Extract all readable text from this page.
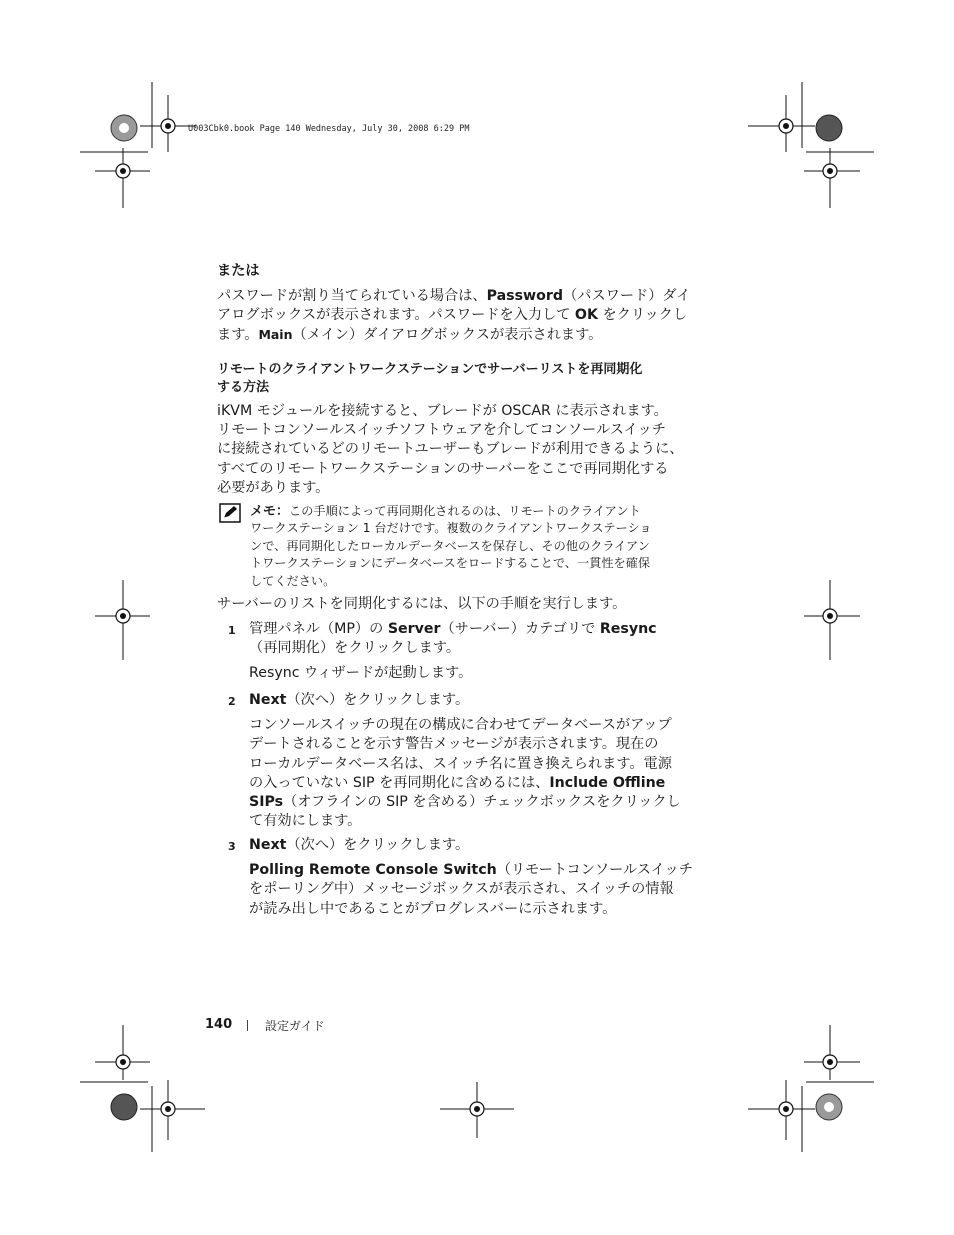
U003Cbk0.book Page 140 Wednesday, July 30, 2008 6:29 PM
または

パスワードが割り当てられている場合は、Password（パスワード）ダイ

アログボックスが表示されます。パスワードを入力して OK をクリックし

ます。Main（メイン）ダイアログボックスが表示されます。

リモートのクライアントワークステーションでサーバーリストを再同期化
する方法

iKVM モジュールを接続すると、ブレードが OSCAR に表示されます。

リモートコンソールスイッチソフトウェアを介してコンソールスイッチ

に接続されているどのリモートユーザーもブレードが利用できるように、

すべてのリモートワークステーションのサーバーをここで再同期化する

必要があります。

メモ：この手順によって再同期化されるのは、リモートのクライアント
ワークステーション 1 台だけです。複数のクライアントワークステーショ
ンで、再同期化したローカルデータベースを保存し、その他のクライアン
トワークステーションにデータベースをロードすることで、一貫性を確保
してください。
サーバーのリストを同期化するには、以下の手順を実行します。
1 管理パネル（MP）の Server（サーバー）カテゴリで Resync

（再同期化）をクリックします。

Resync ウィザードが起動します。

2 Next（次へ）をクリックします。

コンソールスイッチの現在の構成に合わせてデータベースがアップ

デートされることを示す警告メッセージが表示されます。現在の

ローカルデータベース名は、スイッチ名に置き換えられます。電源

の入っていない SIP を再同期化に含めるには、Include Offline

SIPs（オフラインの SIP を含める）チェックボックスをクリックし

て有効にします。

3 Next（次へ）をクリックします。

Polling Remote Console Switch（リモートコンソールスイッチ

をポーリング中）メッセージボックスが表示され、スイッチの情報

が読み出し中であることがプログレスバーに示されます。

140	設定ガイド
